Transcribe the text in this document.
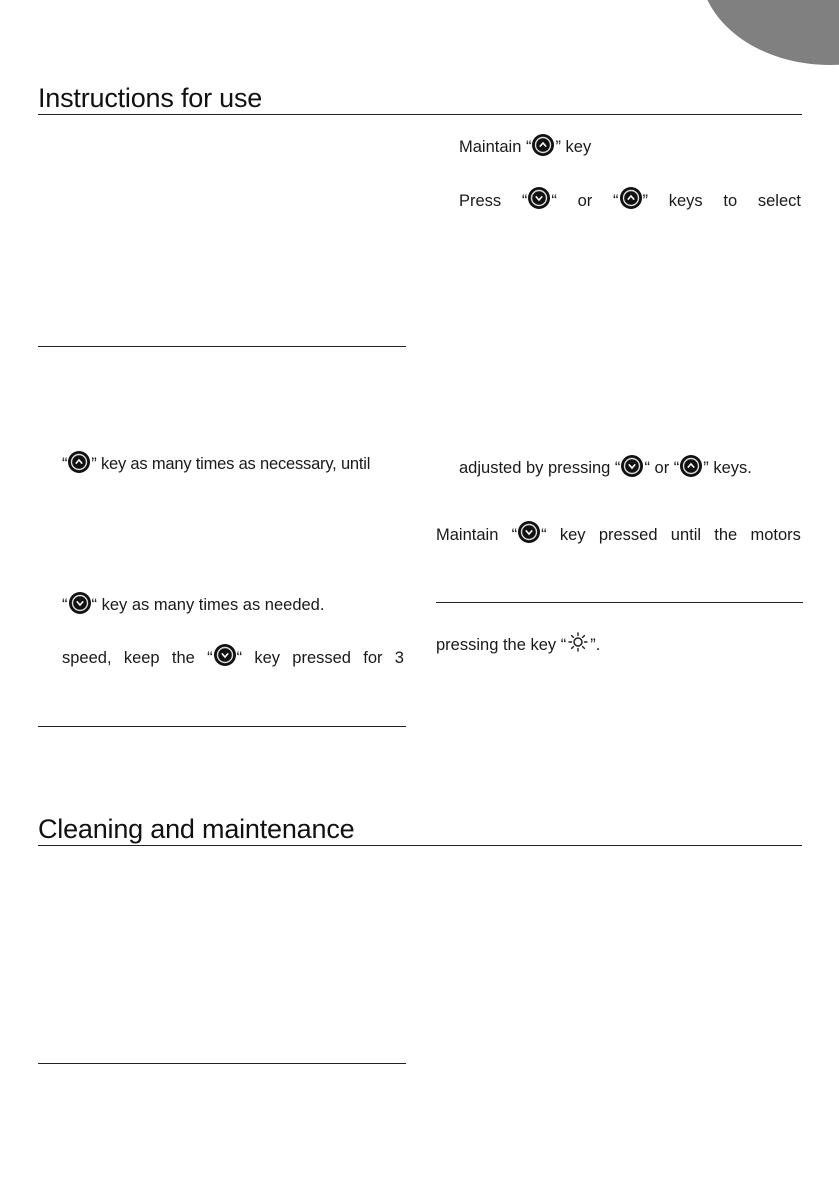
Instructions for use
Maintain “ ” key
Press “ “ or “ ” keys to select
“ ” key as many times as necessary, until	adjusted by pressing “ “ or “ ” keys.
Maintain “ “ key pressed until the motors
“ “ key as many times as needed.
pressing the key “ ”.
speed, keep the “ “ key pressed for 3
Cleaning and maintenance
